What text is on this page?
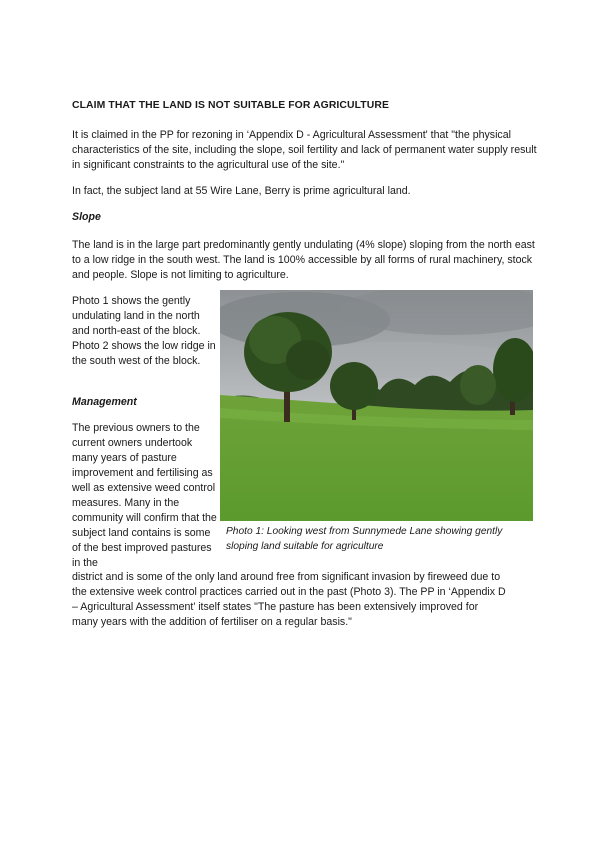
CLAIM THAT THE LAND IS NOT SUITABLE FOR AGRICULTURE
It is claimed in the PP for rezoning in ‘Appendix D - Agricultural Assessment' that "the physical characteristics of the site, including the slope, soil fertility and lack of permanent water supply result in significant constraints to the agricultural use of the site."
In fact, the subject land at 55 Wire Lane, Berry is prime agricultural land.
Slope
The land is in the large part predominantly gently undulating (4% slope) sloping from the north east to a low ridge in the south west. The land is 100% accessible by all forms of rural machinery, stock and people. Slope is not limiting to agriculture.
Photo 1 shows the gently undulating land in the north and north-east of the block. Photo 2 shows the low ridge in the south west of the block.
Management
The previous owners to the current owners undertook many years of pasture improvement and fertilising as well as extensive weed control measures. Many in the community will confirm that the subject land contains is some of the best improved pastures in the
district and is some of the only land around free from significant invasion by fireweed due to
the extensive week control practices carried out in the past (Photo 3). The PP in ‘Appendix D
– Agricultural Assessment’ itself states "The pasture has been extensively improved for
many years with the addition of fertiliser on a regular basis."
Photo 1: Looking west from Sunnymede Lane showing gently sloping land suitable for agriculture
